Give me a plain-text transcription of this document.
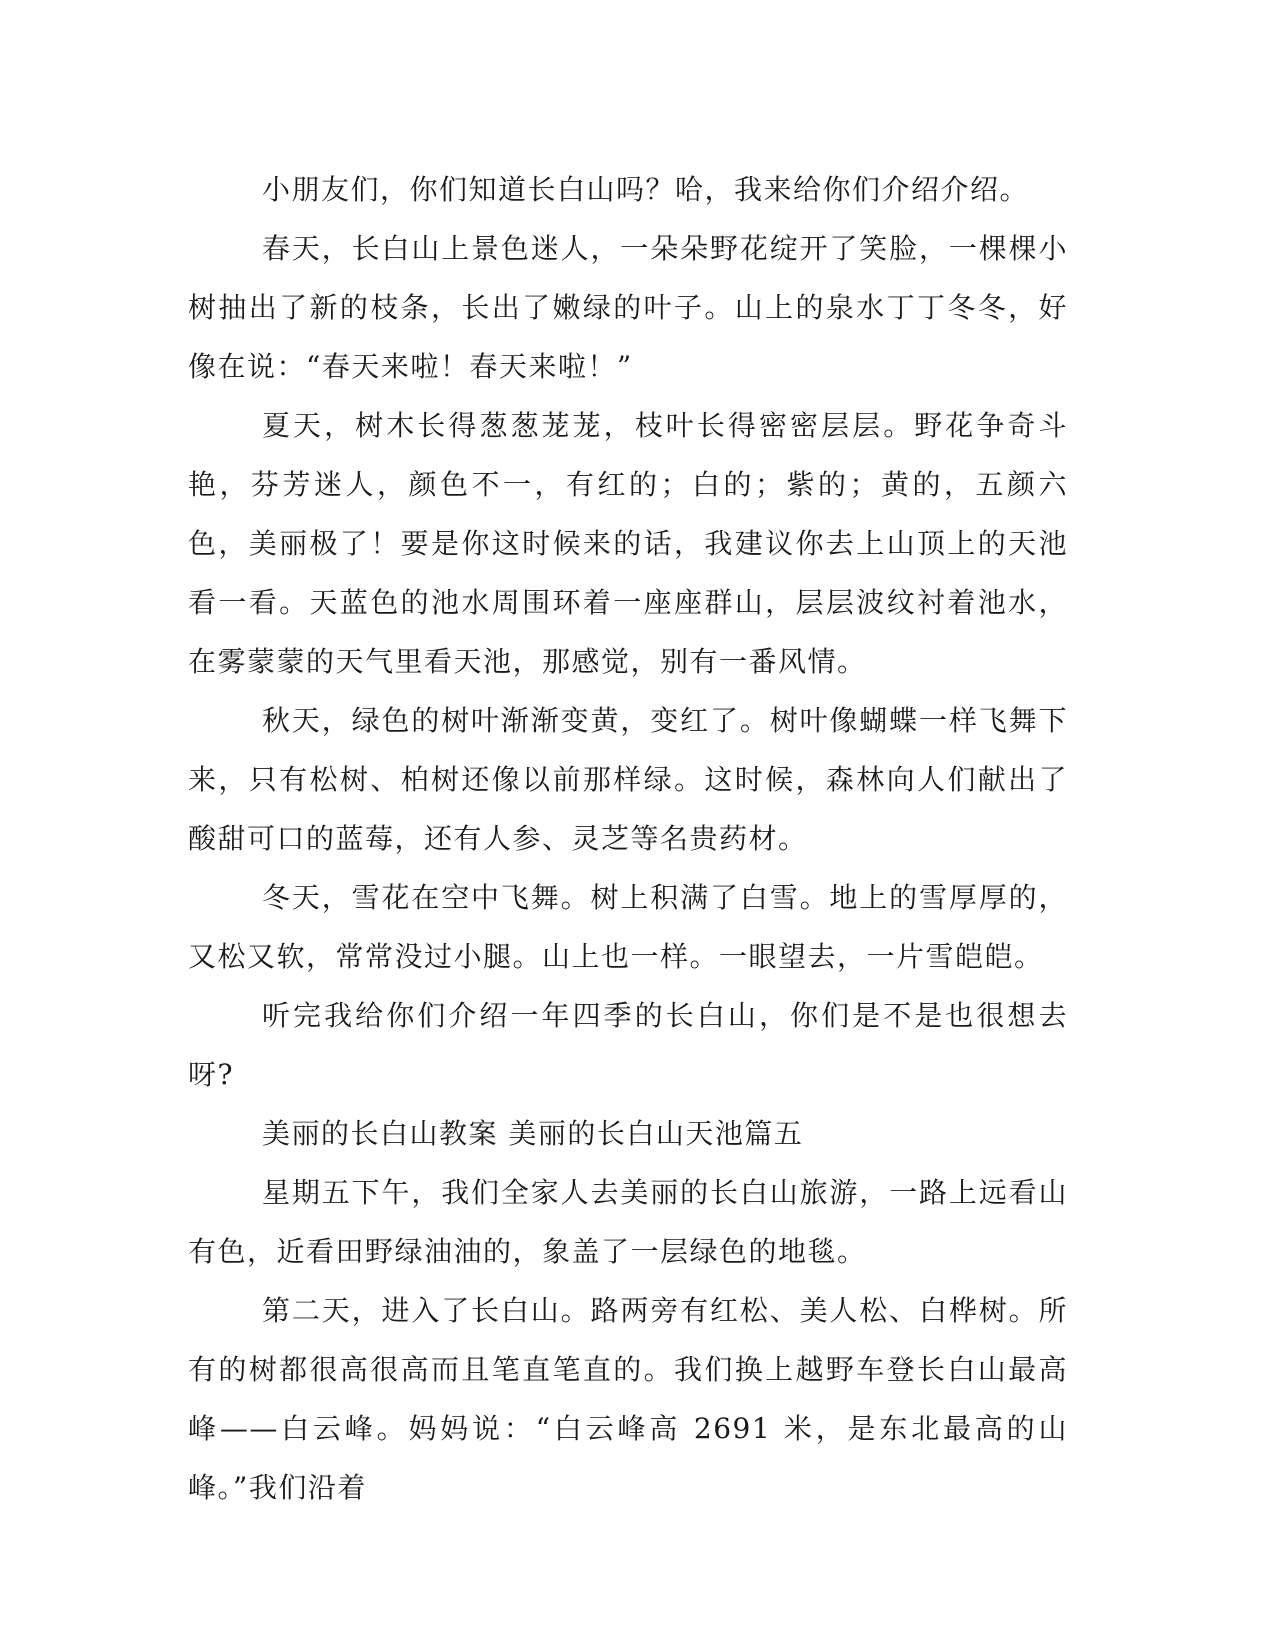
小朋友们，你们知道长白山吗？哈，我来给你们介绍介绍。

春天，长白山上景色迷人，一朵朵野花绽开了笑脸，一棵棵小树抽出了新的枝条，长出了嫩绿的叶子。山上的泉水丁丁冬冬，好像在说：“春天来啦！春天来啦！”

夏天，树木长得葱葱茏茏，枝叶长得密密层层。野花争奇斗艳，芬芳迷人，颜色不一，有红的；白的；紫的；黄的，五颜六色，美丽极了！要是你这时候来的话，我建议你去上山顶上的天池看一看。天蓝色的池水周围环着一座座群山，层层波纹衬着池水，在雾蒙蒙的天气里看天池，那感觉，别有一番风情。

秋天，绿色的树叶渐渐变黄，变红了。树叶像蝴蝶一样飞舞下来，只有松树、柏树还像以前那样绿。这时候，森林向人们献出了酸甜可口的蓝莓，还有人参、灵芝等名贵药材。

冬天，雪花在空中飞舞。树上积满了白雪。地上的雪厚厚的，又松又软，常常没过小腿。山上也一样。一眼望去，一片雪皑皑。

听完我给你们介绍一年四季的长白山，你们是不是也很想去呀?

美丽的长白山教案 美丽的长白山天池篇五

星期五下午，我们全家人去美丽的长白山旅游，一路上远看山有色，近看田野绿油油的，象盖了一层绿色的地毯。

第二天，进入了长白山。路两旁有红松、美人松、白桦树。所有的树都很高很高而且笔直笔直的。我们换上越野车登长白山最高峰——白云峰。妈妈说：“白云峰高 2691 米，是东北最高的山峰。”我们沿着
